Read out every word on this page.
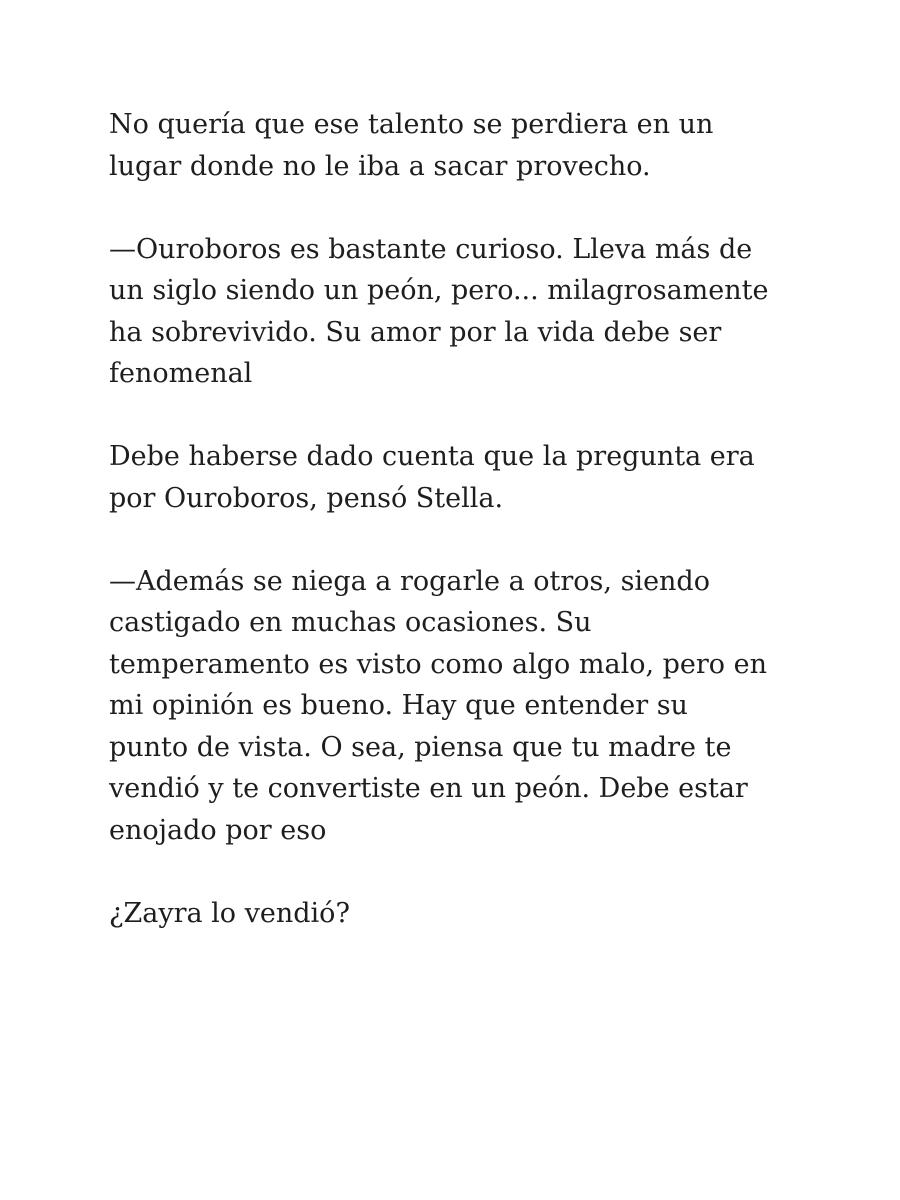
No quería que ese talento se perdiera en un
lugar donde no le iba a sacar provecho.

—Ouroboros es bastante curioso. Lleva más de
un siglo siendo un peón, pero... milagrosamente
ha sobrevivido. Su amor por la vida debe ser
fenomenal

Debe haberse dado cuenta que la pregunta era
por Ouroboros, pensó Stella.

—Además se niega a rogarle a otros, siendo
castigado en muchas ocasiones. Su
temperamento es visto como algo malo, pero en
mi opinión es bueno. Hay que entender su
punto de vista. O sea, piensa que tu madre te
vendió y te convertiste en un peón. Debe estar
enojado por eso

¿Zayra lo vendió?
